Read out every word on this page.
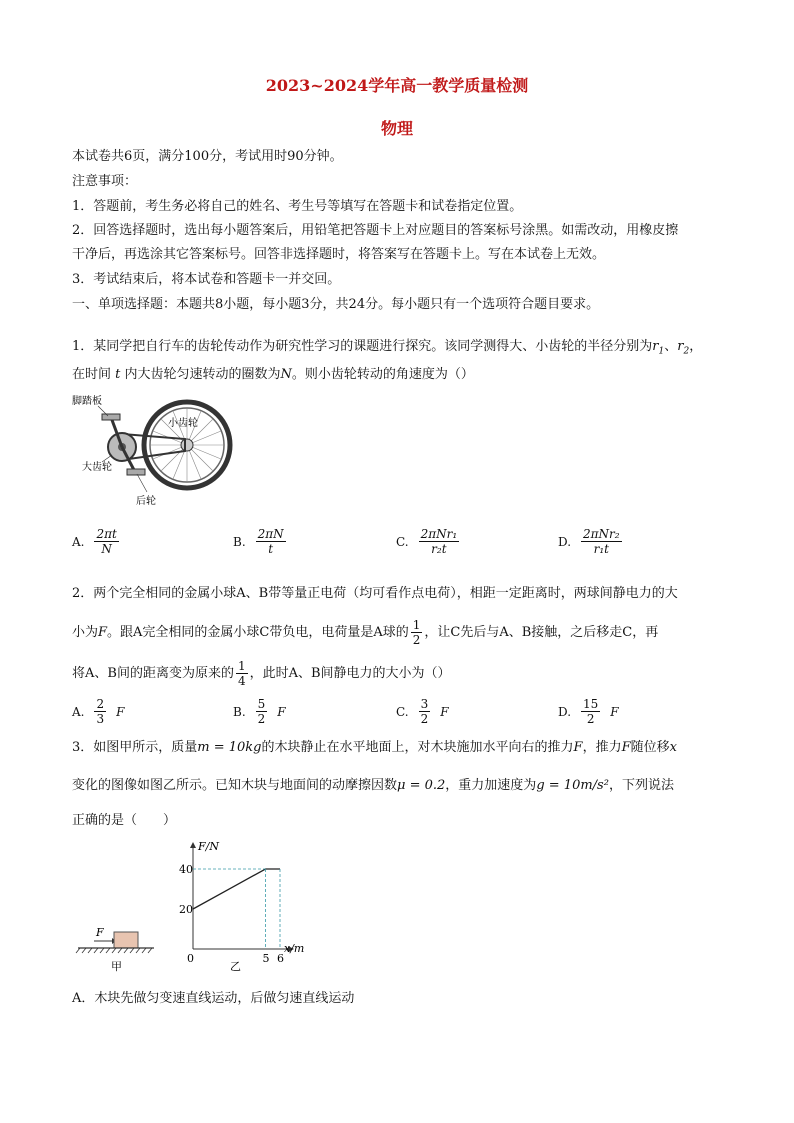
2023~2024学年高一教学质量检测
物理
本试卷共6页，满分100分，考试用时90分钟。
注意事项：
1．答题前，考生务必将自己的姓名、考生号等填写在答题卡和试卷指定位置。
2．回答选择题时，选出每小题答案后，用铅笔把答题卡上对应题目的答案标号涂黑。如需改动，用橡皮擦
干净后，再选涂其它答案标号。回答非选择题时，将答案写在答题卡上。写在本试卷上无效。
3．考试结束后，将本试卷和答题卡一并交回。
一、单项选择题：本题共8小题，每小题3分，共24分。每小题只有一个选项符合题目要求。
1．某同学把自行车的齿轮传动作为研究性学习的课题进行探究。该同学测得大、小齿轮的半径分别为$r_1$、$r_2$，
在时间 t 内大齿轮匀速转动的圈数为N。则小齿轮转动的角速度为（）
脚踏板
小齿轮
大齿轮
后轮
A. $\frac{2\pi t}{N}$	B. $\frac{2\pi N}{t}$	C. $\frac{\text{2πNr₁}}{\text{r₂t}}$	D. $\frac{\text{2πNr₂}}{\text{r₁t}}$
2．两个完全相同的金属小球A、B带等量正电荷（均可看作点电荷），相距一定距离时，两球间静电力的大
小为F。跟A完全相同的金属小球C带负电，电荷量是A球的 $\frac{1}{2}$ ，让C先后与A、B接触，之后移走C，再
将A、B间的距离变为原来的 $\frac{1}{4}$ ，此时A、B间静电力的大小为（）
A. $\frac{2}{3}$ F	B. $\frac{5}{2}$ F	C. $\frac{3}{2}$ F	D. $\frac{15}{2}$ F
3．如图甲所示，质量m = 10kg的木块静止在水平地面上，对木块施加水平向右的推力F，推力F随位移x
变化的图像如图乙所示。已知木块与地面间的动摩擦因数μ = 0.2，重力加速度为g = 10m/s²，下列说法
正确的是（　　）
F
甲
F/N
x/m
20
40
0	5 6
乙
A．木块先做匀变速直线运动，后做匀速直线运动
